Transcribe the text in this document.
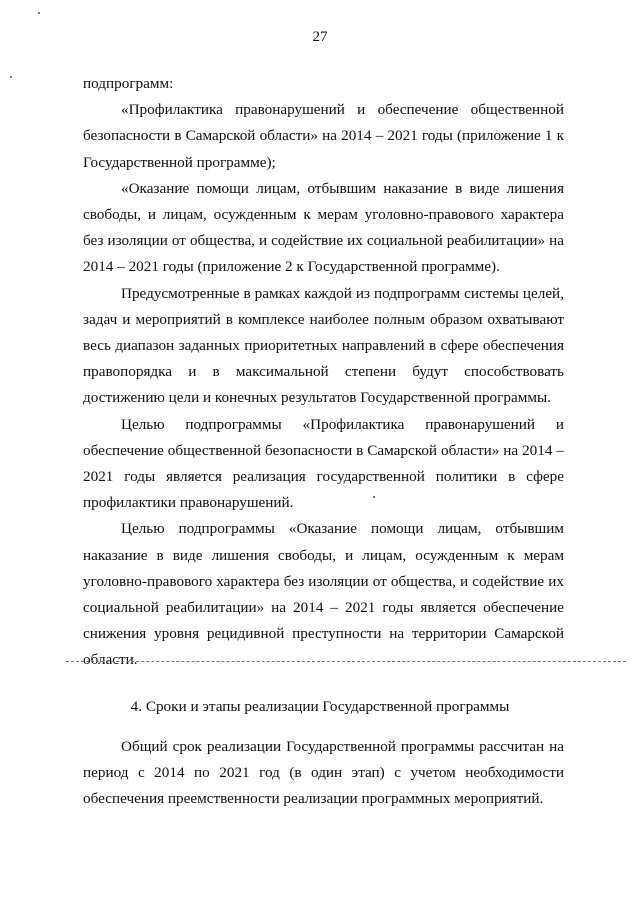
27

подпрограмм:

«Профилактика правонарушений и обеспечение общественной безопасности в Самарской области» на 2014 – 2021 годы (приложение 1 к Государственной программе);

«Оказание помощи лицам, отбывшим наказание в виде лишения свободы, и лицам, осужденным к мерам уголовно-правового характера без изоляции от общества, и содействие их социальной реабилитации» на 2014 – 2021 годы (приложение 2 к Государственной программе).

Предусмотренные в рамках каждой из подпрограмм системы целей, задач и мероприятий в комплексе наиболее полным образом охватывают весь диапазон заданных приоритетных направлений в сфере обеспечения правопорядка и в максимальной степени будут способствовать достижению цели и конечных результатов Государственной программы.

Целью подпрограммы «Профилактика правонарушений и обеспечение общественной безопасности в Самарской области» на 2014 – 2021 годы является реализация государственной политики в сфере профилактики правонарушений.

Целью подпрограммы «Оказание помощи лицам, отбывшим наказание в виде лишения свободы, и лицам, осужденным к мерам уголовно-правового характера без изоляции от общества, и содействие их социальной реабилитации» на 2014 – 2021 годы является обеспечение снижения уровня рецидивной преступности на территории Самарской области.

4. Сроки и этапы реализации Государственной программы

Общий срок реализации Государственной программы рассчитан на период с 2014 по 2021 год (в один этап) с учетом необходимости обеспечения преемственности реализации программных мероприятий.
